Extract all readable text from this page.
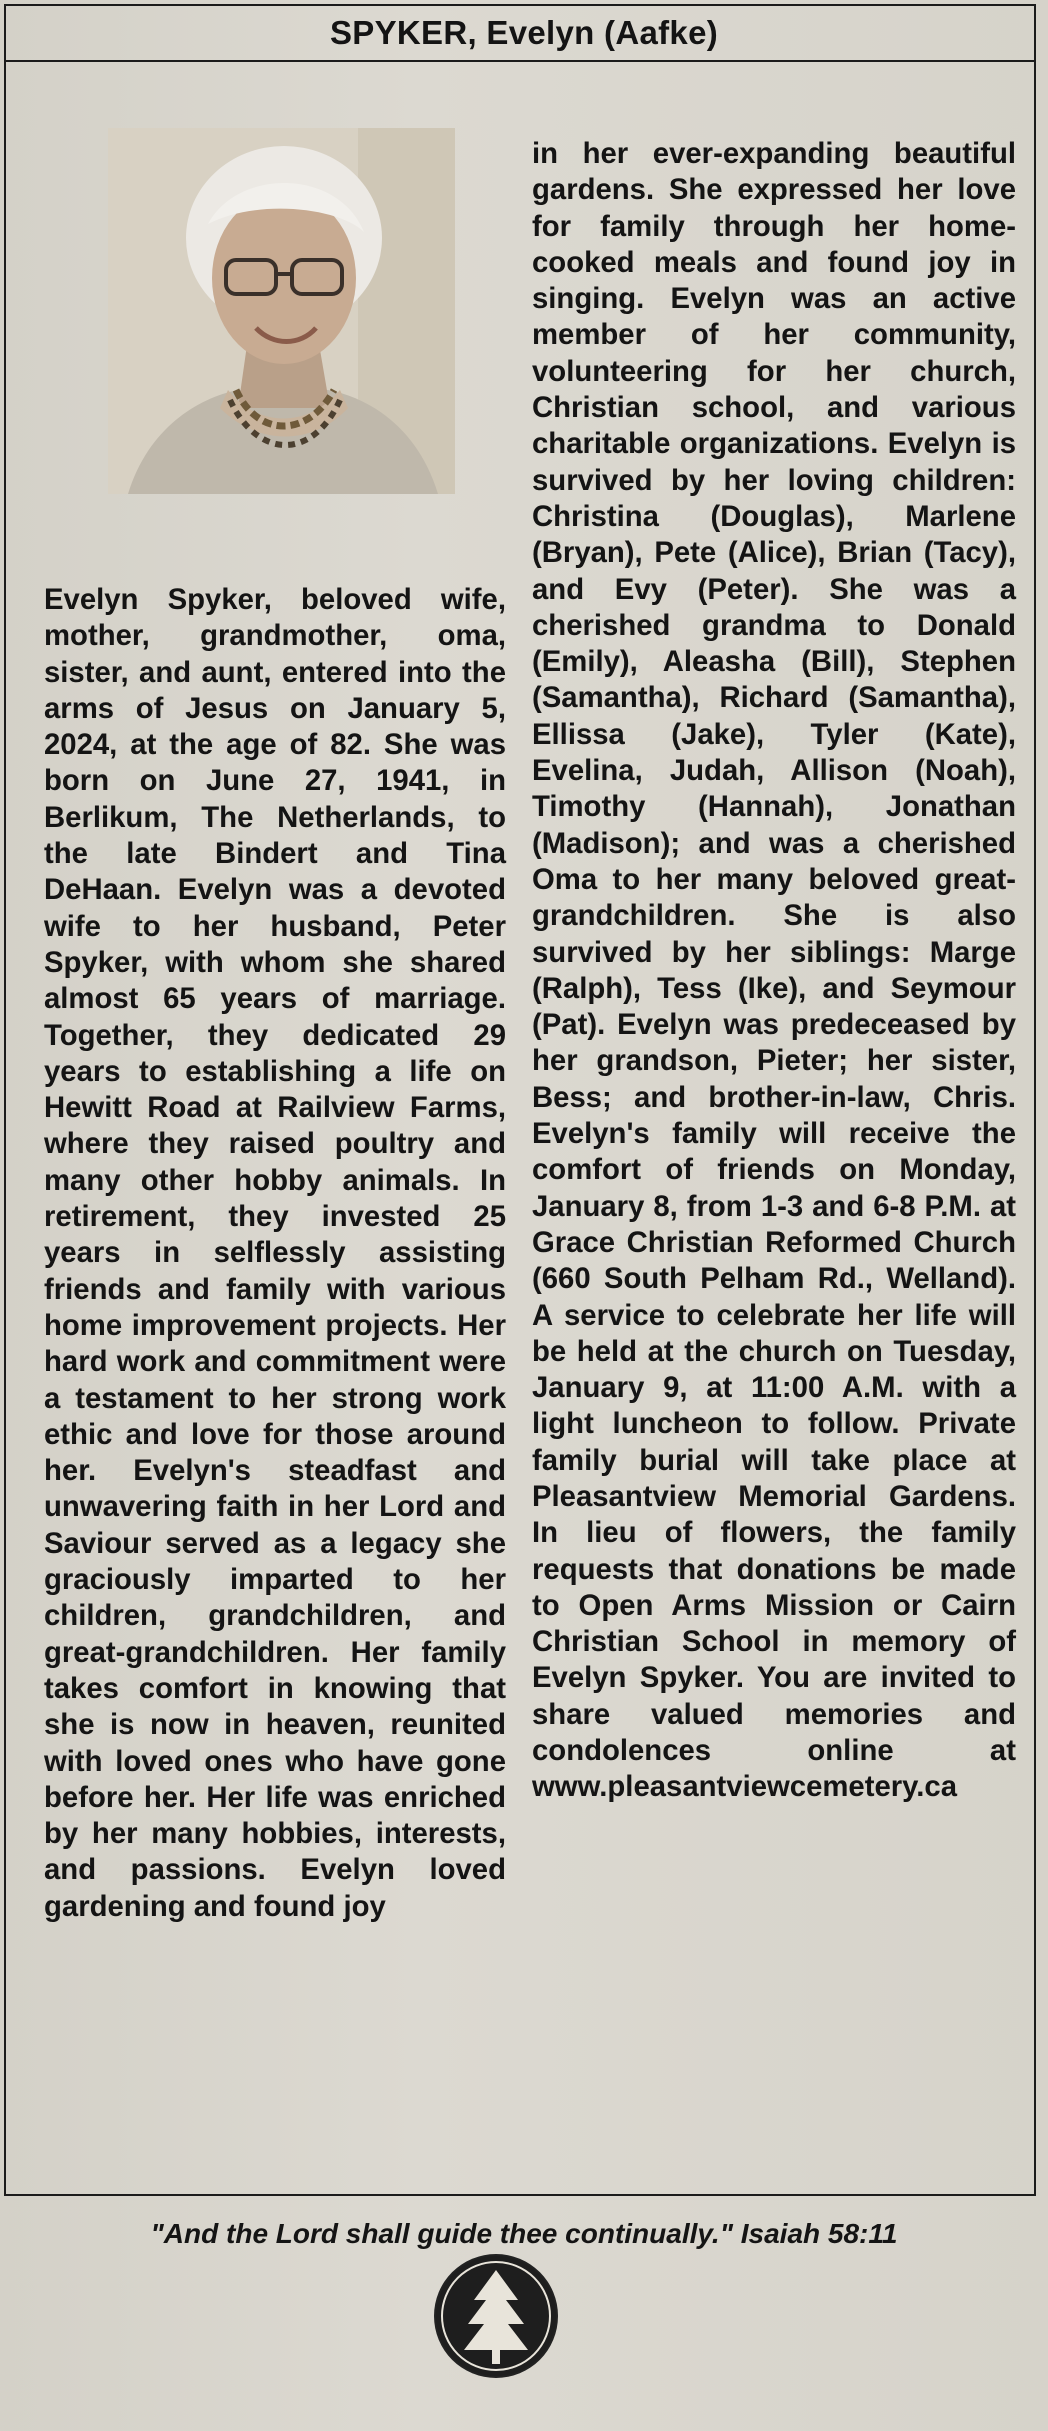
SPYKER, Evelyn (Aafke)
Evelyn Spyker, beloved wife, mother, grandmother, oma, sister, and aunt, entered into the arms of Jesus on January 5, 2024, at the age of 82. She was born on June 27, 1941, in Berlikum, The Netherlands, to the late Bindert and Tina DeHaan. Evelyn was a devoted wife to her husband, Peter Spyker, with whom she shared almost 65 years of marriage. Together, they dedicated 29 years to establishing a life on Hewitt Road at Railview Farms, where they raised poultry and many other hobby animals. In retirement, they invested 25 years in selflessly assisting friends and family with various home improvement projects. Her hard work and commitment were a testament to her strong work ethic and love for those around her. Evelyn's steadfast and unwavering faith in her Lord and Saviour served as a legacy she graciously imparted to her children, grandchildren, and great-grandchildren. Her family takes comfort in knowing that she is now in heaven, reunited with loved ones who have gone before her. Her life was enriched by her many hobbies, interests, and passions. Evelyn loved gardening and found joy
in her ever-expanding beautiful gardens. She expressed her love for family through her home-cooked meals and found joy in singing. Evelyn was an active member of her community, volunteering for her church, Christian school, and various charitable organizations. Evelyn is survived by her loving children: Christina (Douglas), Marlene (Bryan), Pete (Alice), Brian (Tacy), and Evy (Peter). She was a cherished grandma to Donald (Emily), Aleasha (Bill), Stephen (Samantha), Richard (Samantha), Ellissa (Jake), Tyler (Kate), Evelina, Judah, Allison (Noah), Timothy (Hannah), Jonathan (Madison); and was a cherished Oma to her many beloved great-grandchildren. She is also survived by her siblings: Marge (Ralph), Tess (Ike), and Seymour (Pat). Evelyn was predeceased by her grandson, Pieter; her sister, Bess; and brother-in-law, Chris. Evelyn's family will receive the comfort of friends on Monday, January 8, from 1-3 and 6-8 P.M. at Grace Christian Reformed Church (660 South Pelham Rd., Welland). A service to celebrate her life will be held at the church on Tuesday, January 9, at 11:00 A.M. with a light luncheon to follow. Private family burial will take place at Pleasantview Memorial Gardens. In lieu of flowers, the family requests that donations be made to Open Arms Mission or Cairn Christian School in memory of Evelyn Spyker. You are invited to share valued memories and condolences online at www.pleasantviewcemetery.ca
"And the Lord shall guide thee continually." Isaiah 58:11
